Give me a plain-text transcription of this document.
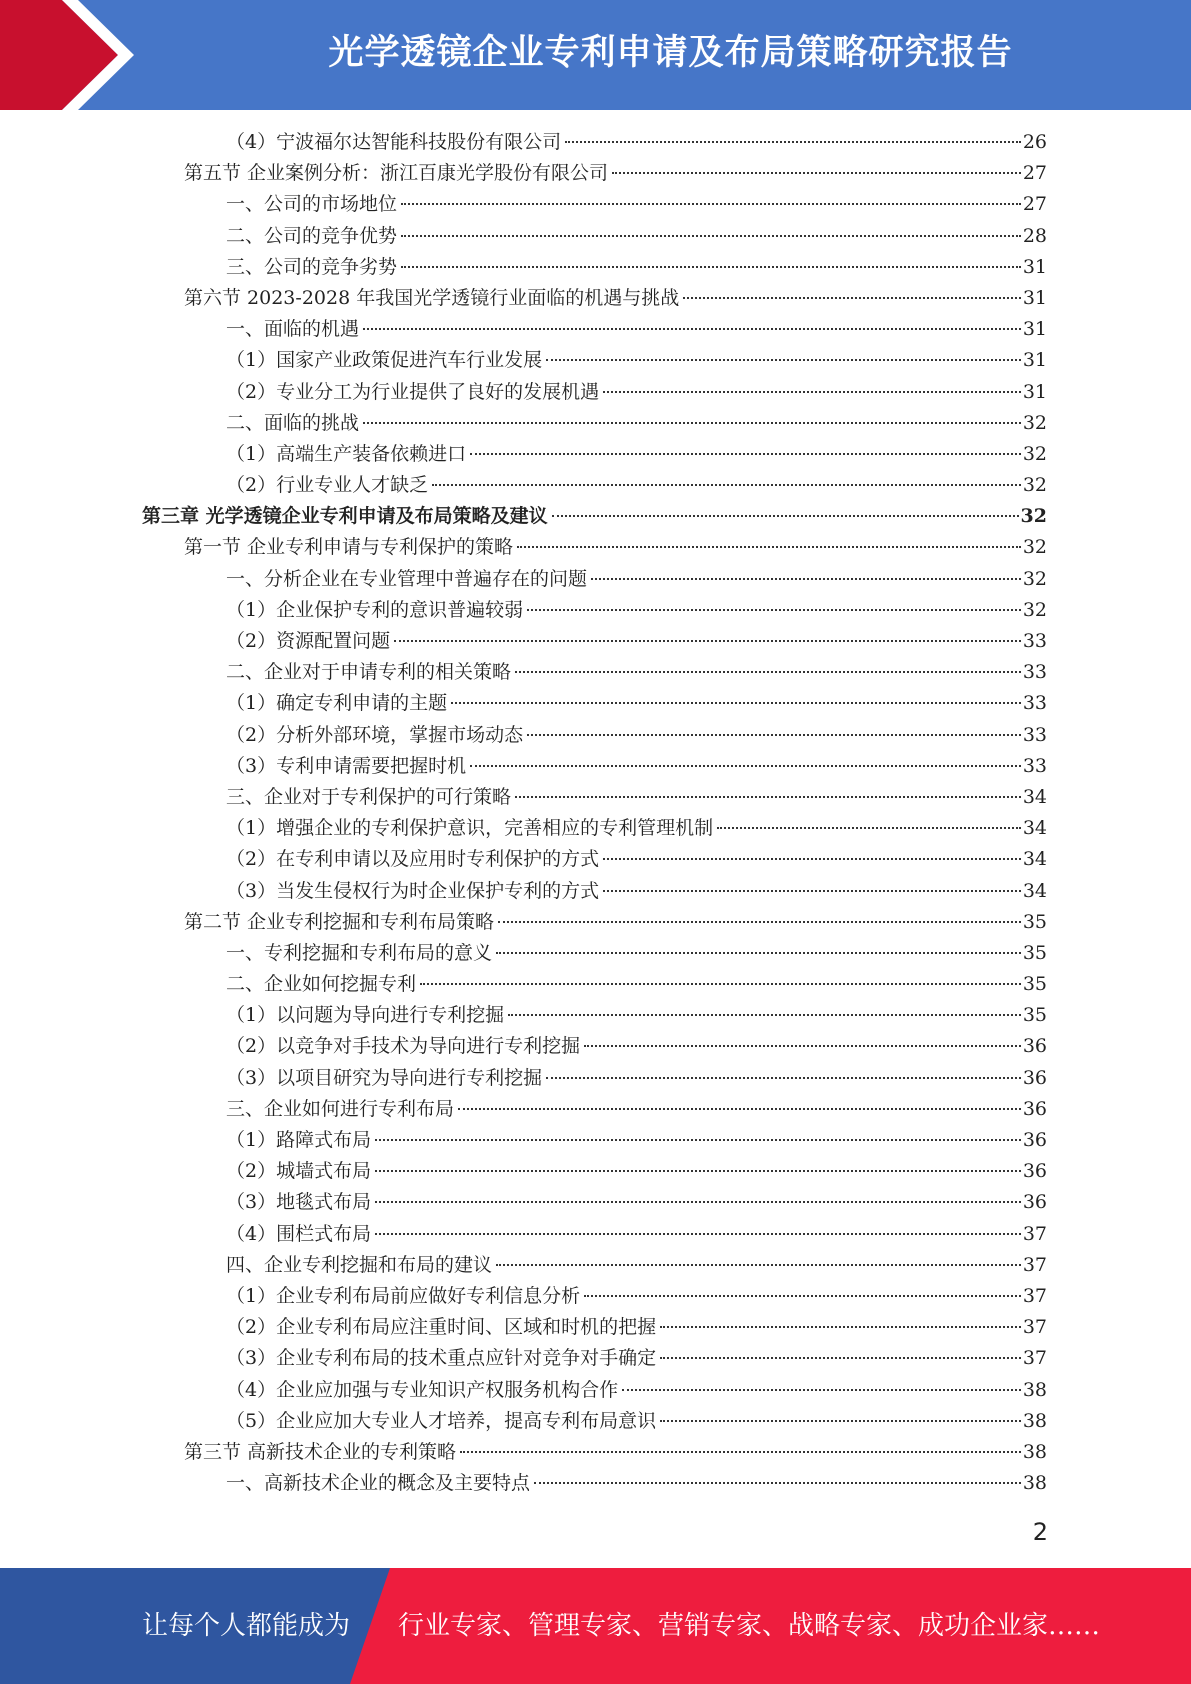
光学透镜企业专利申请及布局策略研究报告
（4）宁波福尔达智能科技股份有限公司	26
第五节 企业案例分析：浙江百康光学股份有限公司	27
一、公司的市场地位	27
二、公司的竞争优势	28
三、公司的竞争劣势	31
第六节 2023-2028 年我国光学透镜行业面临的机遇与挑战	31
一、面临的机遇	31
（1）国家产业政策促进汽车行业发展	31
（2）专业分工为行业提供了良好的发展机遇	31
二、面临的挑战	32
（1）高端生产装备依赖进口	32
（2）行业专业人才缺乏	32
第三章 光学透镜企业专利申请及布局策略及建议	32
第一节 企业专利申请与专利保护的策略	32
一、分析企业在专业管理中普遍存在的问题	32
（1）企业保护专利的意识普遍较弱	32
（2）资源配置问题	33
二、企业对于申请专利的相关策略	33
（1）确定专利申请的主题	33
（2）分析外部环境，掌握市场动态	33
（3）专利申请需要把握时机	33
三、企业对于专利保护的可行策略	34
（1）增强企业的专利保护意识，完善相应的专利管理机制	34
（2）在专利申请以及应用时专利保护的方式	34
（3）当发生侵权行为时企业保护专利的方式	34
第二节 企业专利挖掘和专利布局策略	35
一、专利挖掘和专利布局的意义	35
二、企业如何挖掘专利	35
（1）以问题为导向进行专利挖掘	35
（2）以竞争对手技术为导向进行专利挖掘	36
（3）以项目研究为导向进行专利挖掘	36
三、企业如何进行专利布局	36
（1）路障式布局	36
（2）城墙式布局	36
（3）地毯式布局	36
（4）围栏式布局	37
四、企业专利挖掘和布局的建议	37
（1）企业专利布局前应做好专利信息分析	37
（2）企业专利布局应注重时间、区域和时机的把握	37
（3）企业专利布局的技术重点应针对竞争对手确定	37
（4）企业应加强与专业知识产权服务机构合作	38
（5）企业应加大专业人才培养，提高专利布局意识	38
第三节 高新技术企业的专利策略	38
一、高新技术企业的概念及主要特点	38
2
让每个人都能成为 行业专家、管理专家、营销专家、战略专家、成功企业家……
